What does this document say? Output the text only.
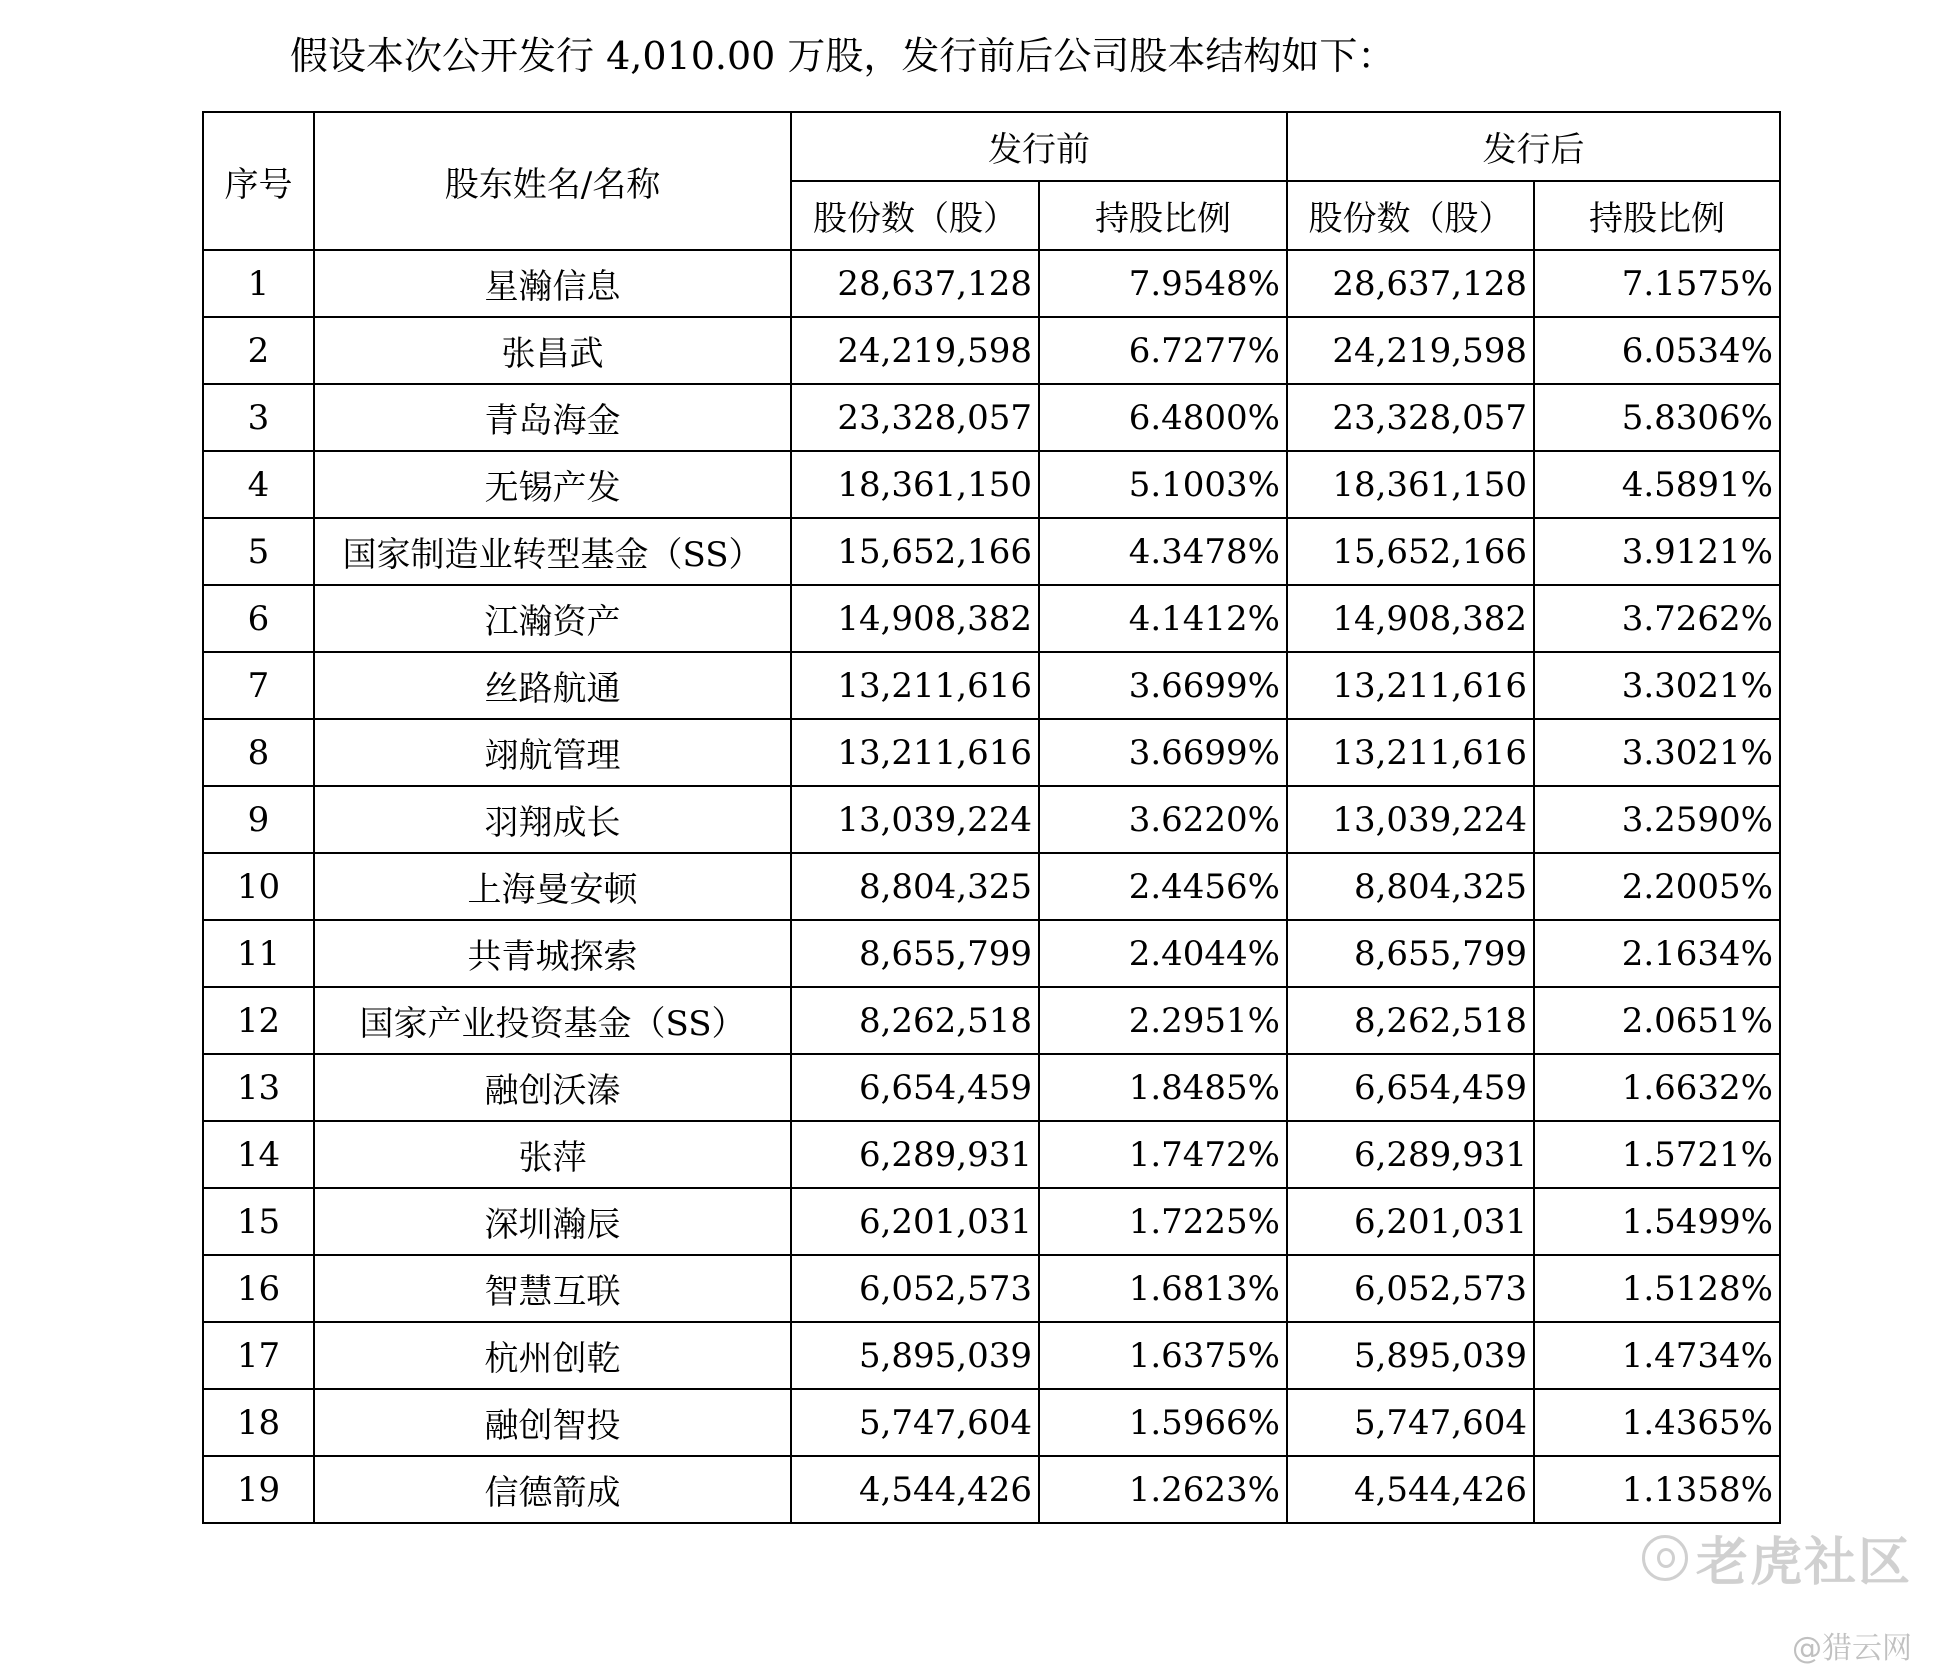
假设本次公开发行 4,010.00 万股，发行前后公司股本结构如下：
序号	股东姓名/名称	发行前		发行后	
		股份数（股）	持股比例	股份数（股）	持股比例
1	星瀚信息	28,637,128	7.9548%	28,637,128	7.1575%
2	张昌武	24,219,598	6.7277%	24,219,598	6.0534%
3	青岛海金	23,328,057	6.4800%	23,328,057	5.8306%
4	无锡产发	18,361,150	5.1003%	18,361,150	4.5891%
5	国家制造业转型基金（SS）	15,652,166	4.3478%	15,652,166	3.9121%
6	江瀚资产	14,908,382	4.1412%	14,908,382	3.7262%
7	丝路航通	13,211,616	3.6699%	13,211,616	3.3021%
8	翊航管理	13,211,616	3.6699%	13,211,616	3.3021%
9	羽翔成长	13,039,224	3.6220%	13,039,224	3.2590%
10	上海曼安顿	8,804,325	2.4456%	8,804,325	2.2005%
11	共青城探索	8,655,799	2.4044%	8,655,799	2.1634%
12	国家产业投资基金（SS）	8,262,518	2.2951%	8,262,518	2.0651%
13	融创沃溱	6,654,459	1.8485%	6,654,459	1.6632%
14	张萍	6,289,931	1.7472%	6,289,931	1.5721%
15	深圳瀚辰	6,201,031	1.7225%	6,201,031	1.5499%
16	智慧互联	6,052,573	1.6813%	6,052,573	1.5128%
17	杭州创乾	5,895,039	1.6375%	5,895,039	1.4734%
18	融创智投	5,747,604	1.5966%	5,747,604	1.4365%
19	信德箭成	4,544,426	1.2623%	4,544,426	1.1358%
老虎社区
@猎云网
